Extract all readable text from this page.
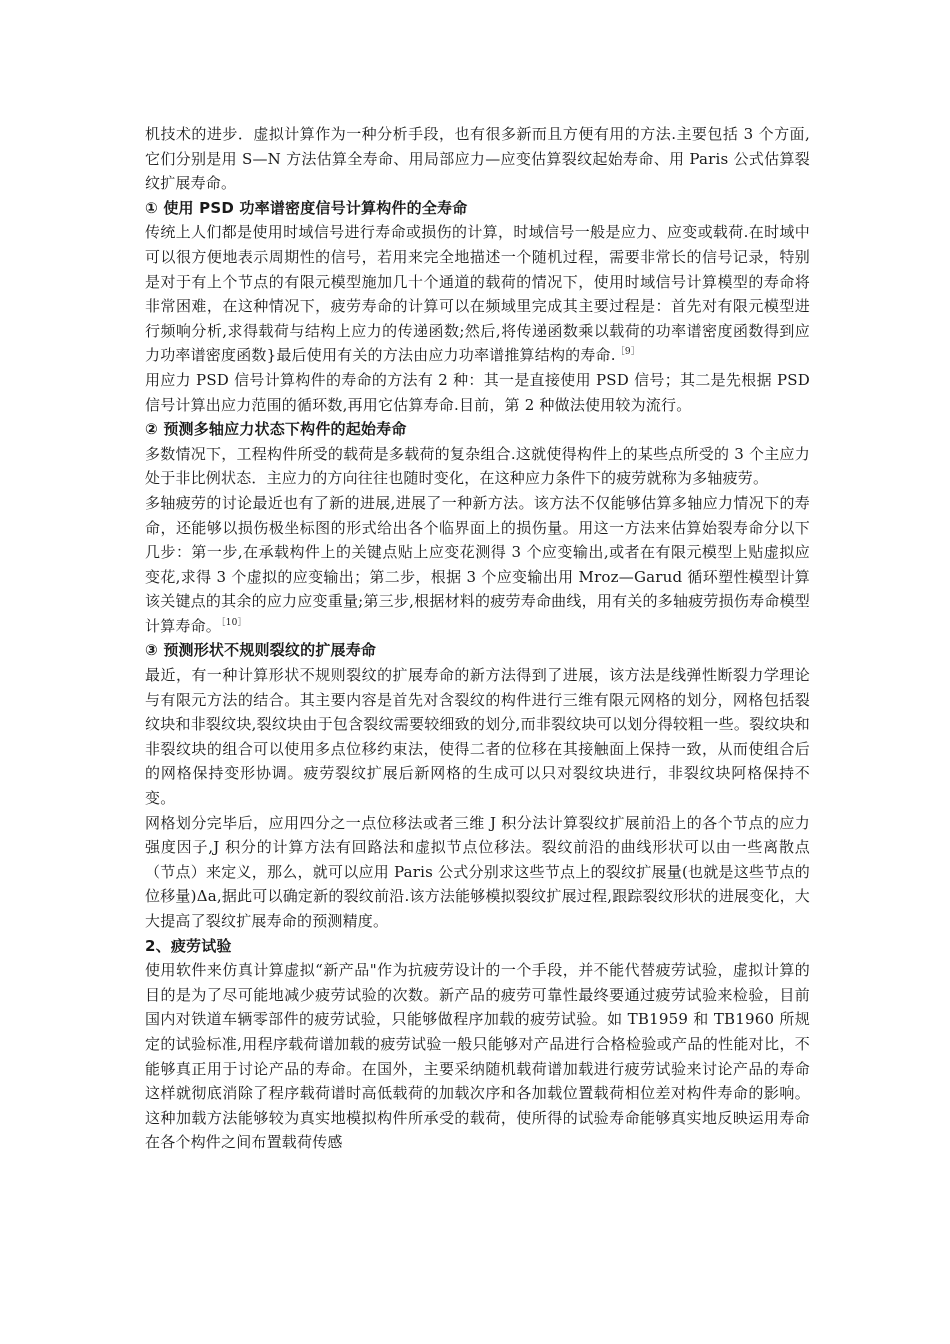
机技术的进步．虚拟计算作为一种分析手段，也有很多新而且方便有用的方法.主要包括 3 个方面,它们分别是用 S—N 方法估算全寿命、用局部应力—应变估算裂纹起始寿命、用 Paris 公式估算裂纹扩展寿命。

① 使用 PSD 功率谱密度信号计算构件的全寿命

传统上人们都是使用时域信号进行寿命或损伤的计算，时域信号一般是应力、应变或载荷.在时域中可以很方便地表示周期性的信号，若用来完全地描述一个随机过程，需要非常长的信号记录，特别是对于有上个节点的有限元模型施加几十个通道的载荷的情况下，使用时域信号计算模型的寿命将非常困难，在这种情况下，疲劳寿命的计算可以在频域里完成其主要过程是：首先对有限元模型进行频响分析,求得载荷与结构上应力的传递函数;然后,将传递函数乘以载荷的功率谱密度函数得到应力功率谱密度函数}最后使用有关的方法由应力功率谱推算结构的寿命.$^{[9]}$

用应力 PSD 信号计算构件的寿命的方法有 2 种：其一是直接使用 PSD 信号；其二是先根据 PSD 信号计算出应力范围的循环数,再用它估算寿命.目前，第 2 种做法使用较为流行。

② 预测多轴应力状态下构件的起始寿命

多数情况下，工程构件所受的载荷是多载荷的复杂组合.这就使得构件上的某些点所受的 3 个主应力处于非比例状态．主应力的方向往往也随时变化，在这种应力条件下的疲劳就称为多轴疲劳。

多轴疲劳的讨论最近也有了新的进展,进展了一种新方法。该方法不仅能够估算多轴应力情况下的寿命，还能够以损伤极坐标图的形式给出各个临界面上的损伤量。用这一方法来估算始裂寿命分以下几步：第一步,在承载构件上的关键点贴上应变花测得 3 个应变输出,或者在有限元模型上贴虚拟应变花,求得 3 个虚拟的应变输出；第二步，根据 3 个应变输出用 Mroz—Garud 循环塑性模型计算该关键点的其余的应力应变重量;第三步,根据材料的疲劳寿命曲线，用有关的多轴疲劳损伤寿命模型计算寿命。$^{[10]}$

③ 预测形状不规则裂纹的扩展寿命

最近，有一种计算形状不规则裂纹的扩展寿命的新方法得到了进展，该方法是线弹性断裂力学理论与有限元方法的结合。其主要内容是首先对含裂纹的构件进行三维有限元网格的划分，网格包括裂纹块和非裂纹块,裂纹块由于包含裂纹需要较细致的划分,而非裂纹块可以划分得较粗一些。裂纹块和非裂纹块的组合可以使用多点位移约束法，使得二者的位移在其接触面上保持一致，从而使组合后的网格保持变形协调。疲劳裂纹扩展后新网格的生成可以只对裂纹块进行，非裂纹块阿格保持不变。

网格划分完毕后，应用四分之一点位移法或者三维 J 积分法计算裂纹扩展前沿上的各个节点的应力强度因子,J 积分的计算方法有回路法和虚拟节点位移法。裂纹前沿的曲线形状可以由一些离散点（节点）来定义，那么，就可以应用 Paris 公式分别求这些节点上的裂纹扩展量(也就是这些节点的位移量)Δa,据此可以确定新的裂纹前沿.该方法能够模拟裂纹扩展过程,跟踪裂纹形状的进展变化，大大提高了裂纹扩展寿命的预测精度。

2、疲劳试验

使用软件来仿真计算虚拟“新产品"作为抗疲劳设计的一个手段，并不能代替疲劳试验，虚拟计算的目的是为了尽可能地减少疲劳试验的次数。新产品的疲劳可靠性最终要通过疲劳试验来检验，目前国内对铁道车辆零部件的疲劳试验，只能够做程序加载的疲劳试验。如 TB1959 和 TB1960 所规定的试验标准,用程序载荷谱加载的疲劳试验一般只能够对产品进行合格检验或产品的性能对比，不能够真正用于讨论产品的寿命。在国外，主要采纳随机载荷谱加载进行疲劳试验来讨论产品的寿命这样就彻底消除了程序载荷谱时高低载荷的加载次序和各加载位置载荷相位差对构件寿命的影响。这种加载方法能够较为真实地模拟构件所承受的载荷，使所得的试验寿命能够真实地反映运用寿命在各个构件之间布置载荷传感
